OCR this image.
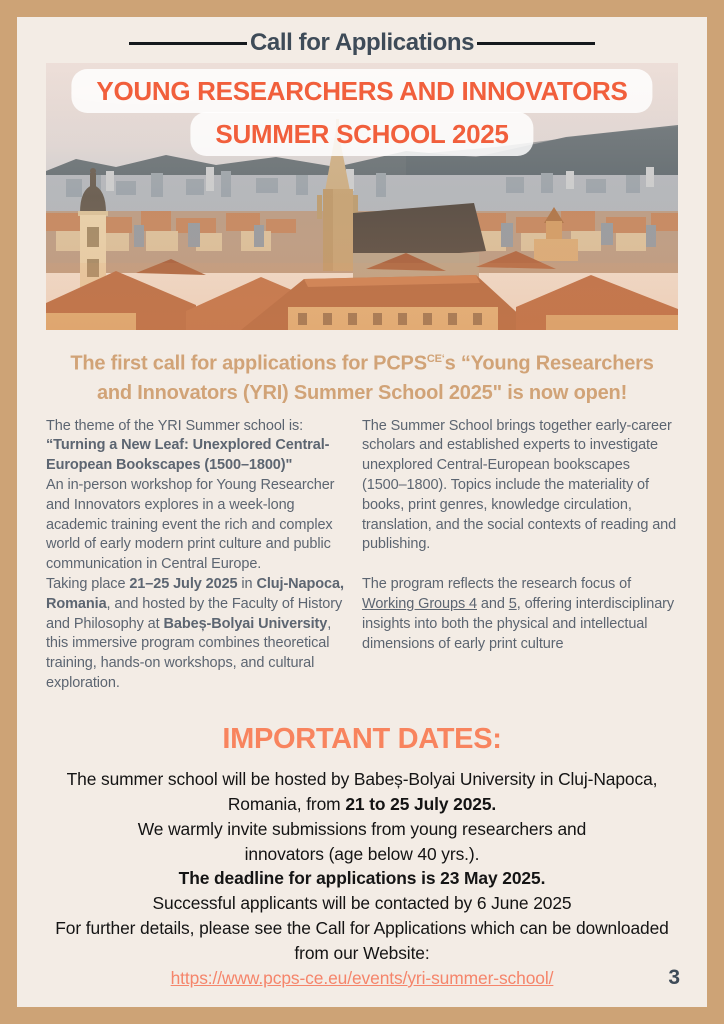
Call for Applications
YOUNG RESEARCHERS AND INNOVATORS
SUMMER SCHOOL 2025
The first call for applications for $PCPS^{CE‘}s$ “Young Researchers
and Innovators (YRI) Summer School 2025" is now open!

The theme of the YRI Summer school is:

“Turning a New Leaf: Unexplored Central-European Bookscapes (1500–1800)"

An in-person workshop for Young Researcher and Innovators explores in a week-long academic training event the rich and complex world of early modern print culture and public communication in Central Europe.

Taking place 21–25 July 2025 in Cluj-Napoca, Romania, and hosted by the Faculty of History and Philosophy at Babeș-Bolyai University, this immersive program combines theoretical training, hands-on workshops, and cultural exploration.

The Summer School brings together early-career scholars and established experts to investigate unexplored Central-European bookscapes (1500–1800). Topics include the materiality of books, print genres, knowledge circulation, translation, and the social contexts of reading and publishing.

The program reflects the research focus of Working Groups 4 and 5, offering interdisciplinary insights into both the physical and intellectual dimensions of early print culture

IMPORTANT DATES:

The summer school will be hosted by Babeș-Bolyai University in Cluj-Napoca,

Romania, from 21 to 25 July 2025.

We warmly invite submissions from young researchers and

innovators (age below 40 yrs.).

The deadline for applications is 23 May 2025.

Successful applicants will be contacted by 6 June 2025

For further details, please see the Call for Applications which can be downloaded

from our Website:

https://www.pcps-ce.eu/events/yri-summer-school/	3
